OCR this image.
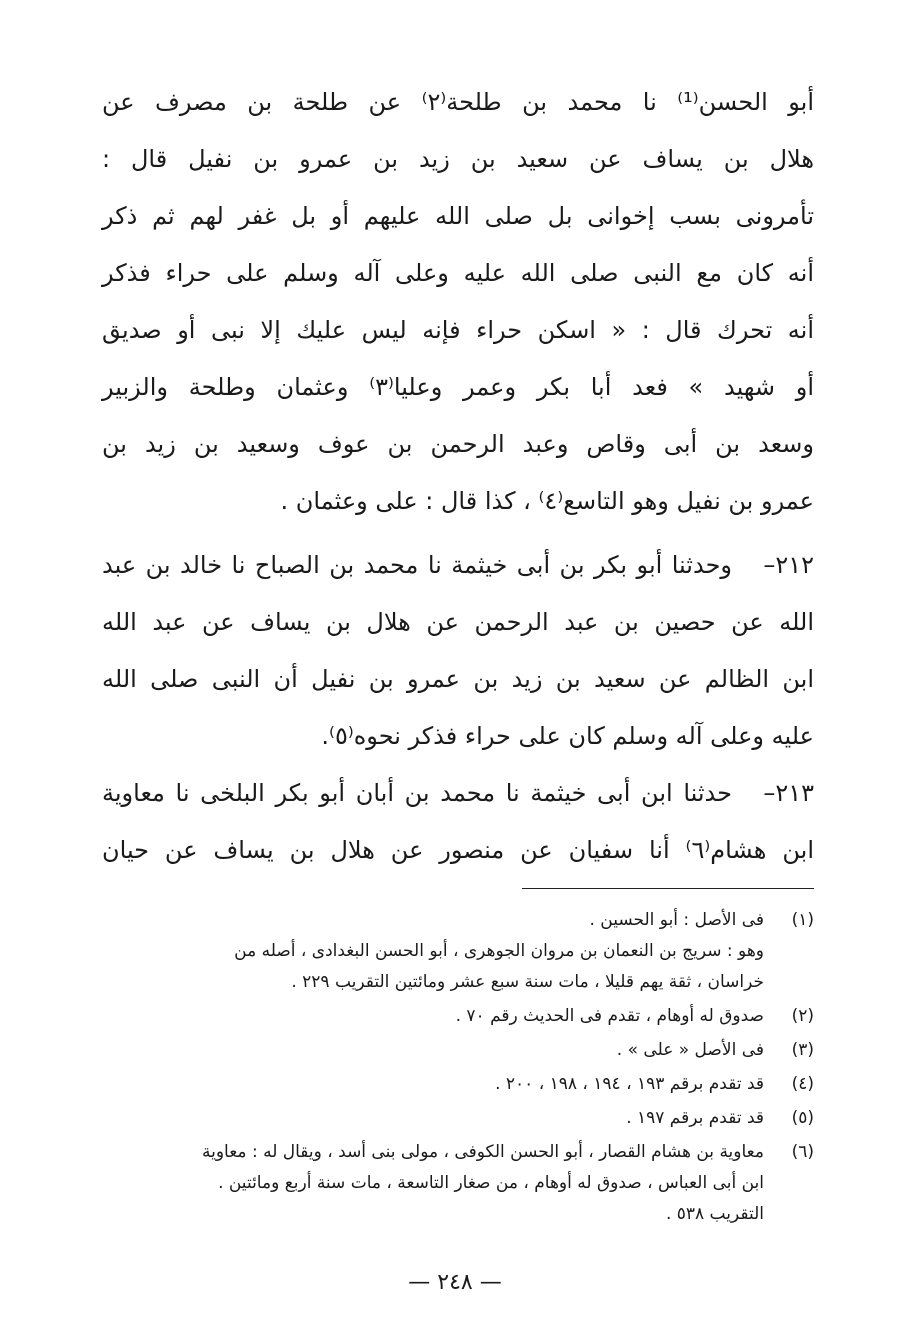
أبو الحسن⁽¹⁾ نا محمد بن طلحة⁽٢⁾ عن طلحة بن مصرف عن
هلال بن يساف عن سعيد بن زيد بن عمرو بن نفيل قال :
تأمرونى بسب إخوانى بل صلى الله عليهم أو بل غفر لهم ثم ذكر
أنه كان مع النبى صلى الله عليه وعلى آله وسلم على حراء فذكر
أنه تحرك قال : « اسكن حراء فإنه ليس عليك إلا نبى أو صديق
أو شهيد » فعد أبا بكر وعمر وعليا⁽٣⁾ وعثمان وطلحة والزبير
وسعد بن أبى وقاص وعبد الرحمن بن عوف وسعيد بن زيد بن
عمرو بن نفيل وهو التاسع⁽٤⁾ ، كذا قال : على وعثمان .
٢١٢–
وحدثنا أبو بكر بن أبى خيثمة نا محمد بن الصباح نا خالد بن عبد
الله عن حصين بن عبد الرحمن عن هلال بن يساف عن عبد الله
ابن الظالم عن سعيد بن زيد بن عمرو بن نفيل أن النبى صلى الله
عليه وعلى آله وسلم كان على حراء فذكر نحوه⁽٥⁾.
٢١٣–
حدثنا ابن أبى خيثمة نا محمد بن أبان أبو بكر البلخى نا معاوية
ابن هشام⁽٦⁾ أنا سفيان عن منصور عن هلال بن يساف عن حيان
(١)
فى الأصل : أبو الحسين .
وهو : سريج بن النعمان بن مروان الجوهرى ، أبو الحسن البغدادى ، أصله من
خراسان ، ثقة يهم قليلا ، مات سنة سبع عشر ومائتين التقريب ٢٢٩ .
(٢)
صدوق له أوهام ، تقدم فى الحديث رقم ٧٠ .
(٣)
فى الأصل « على » .
(٤)
قد تقدم برقم ١٩٣ ، ١٩٤ ، ١٩٨ ، ٢٠٠ .
(٥)
قد تقدم برقم ١٩٧ .
(٦)
معاوية بن هشام القصار ، أبو الحسن الكوفى ، مولى بنى أسد ، ويقال له : معاوية
ابن أبى العباس ، صدوق له أوهام ، من صغار التاسعة ، مات سنة أربع ومائتين .
التقريب ٥٣٨ .
— ٢٤٨ —
